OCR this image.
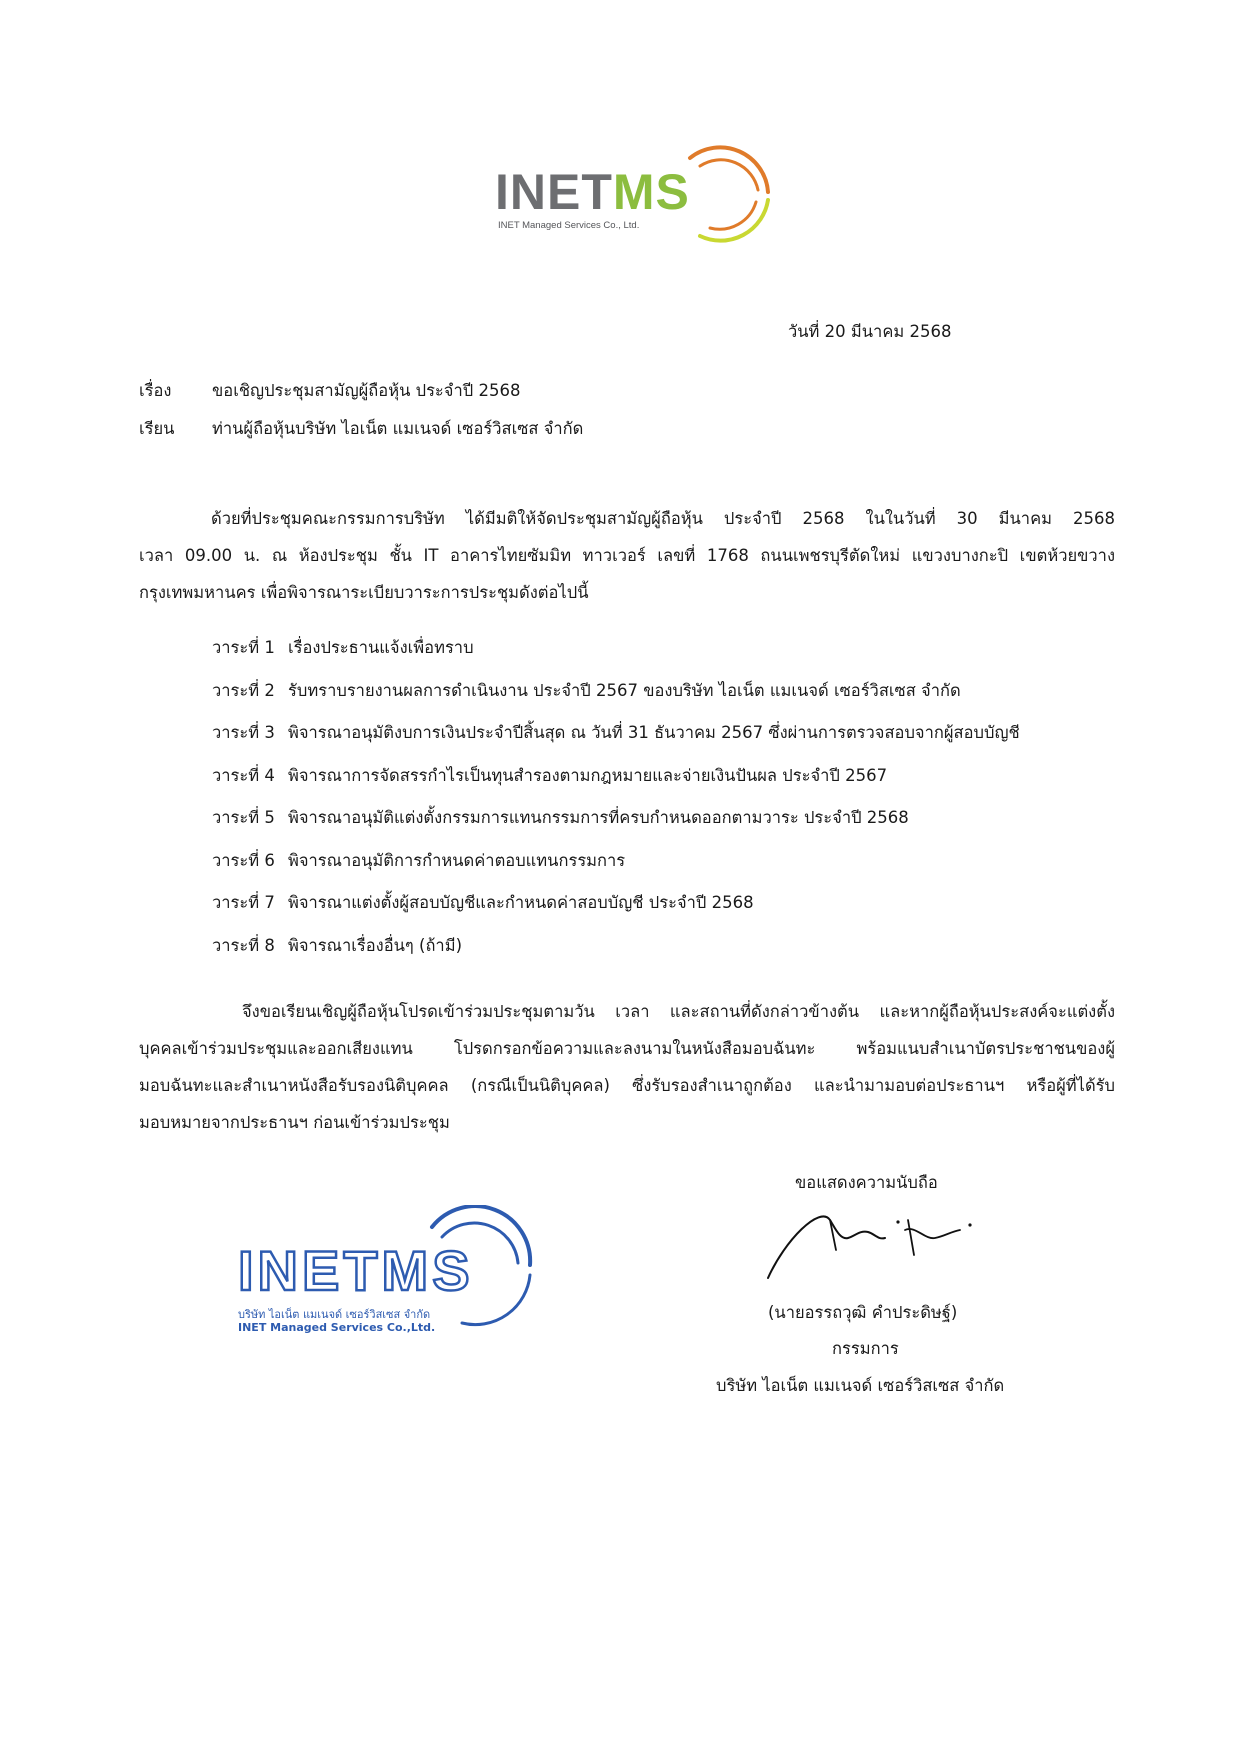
INETMS
INET Managed Services Co., Ltd.
วันที่ 20 มีนาคม 2568
เรื่อง ขอเชิญประชุมสามัญผู้ถือหุ้น ประจำปี 2568
เรียน ท่านผู้ถือหุ้นบริษัท ไอเน็ต แมเนจด์ เซอร์วิสเซส จำกัด
ด้วยที่ประชุมคณะกรรมการบริษัท ได้มีมติให้จัดประชุมสามัญผู้ถือหุ้น ประจำปี 2568 ในในวันที่ 30 มีนาคม 2568
เวลา 09.00 น. ณ ห้องประชุม ชั้น IT อาคารไทยซัมมิท ทาวเวอร์ เลขที่ 1768 ถนนเพชรบุรีตัดใหม่ แขวงบางกะปิ เขตห้วยขวาง
กรุงเทพมหานคร เพื่อพิจารณาระเบียบวาระการประชุมดังต่อไปนี้
วาระที่ 1 เรื่องประธานแจ้งเพื่อทราบ
วาระที่ 2 รับทราบรายงานผลการดำเนินงาน ประจำปี 2567 ของบริษัท ไอเน็ต แมเนจด์ เซอร์วิสเซส จำกัด
วาระที่ 3 พิจารณาอนุมัติงบการเงินประจำปีสิ้นสุด ณ วันที่ 31 ธันวาคม 2567 ซึ่งผ่านการตรวจสอบจากผู้สอบบัญชี
วาระที่ 4 พิจารณาการจัดสรรกำไรเป็นทุนสำรองตามกฎหมายและจ่ายเงินปันผล ประจำปี 2567
วาระที่ 5 พิจารณาอนุมัติแต่งตั้งกรรมการแทนกรรมการที่ครบกำหนดออกตามวาระ ประจำปี 2568
วาระที่ 6 พิจารณาอนุมัติการกำหนดค่าตอบแทนกรรมการ
วาระที่ 7 พิจารณาแต่งตั้งผู้สอบบัญชีและกำหนดค่าสอบบัญชี ประจำปี 2568
วาระที่ 8 พิจารณาเรื่องอื่นๆ (ถ้ามี)
จึงขอเรียนเชิญผู้ถือหุ้นโปรดเข้าร่วมประชุมตามวัน เวลา และสถานที่ดังกล่าวข้างต้น และหากผู้ถือหุ้นประสงค์จะแต่งตั้ง
บุคคลเข้าร่วมประชุมและออกเสียงแทน โปรดกรอกข้อความและลงนามในหนังสือมอบฉันทะ พร้อมแนบสำเนาบัตรประชาชนของผู้
มอบฉันทะและสำเนาหนังสือรับรองนิติบุคคล (กรณีเป็นนิติบุคคล) ซึ่งรับรองสำเนาถูกต้อง และนำมามอบต่อประธานฯ หรือผู้ที่ได้รับ
มอบหมายจากประธานฯ ก่อนเข้าร่วมประชุม
ขอแสดงความนับถือ
(นายอรรถวุฒิ คำประดิษฐ์)
กรรมการ
บริษัท ไอเน็ต แมเนจด์ เซอร์วิสเซส จำกัด
INETMS
บริษัท ไอเน็ต แมเนจด์ เซอร์วิสเซส จำกัด
INET Managed Services Co.,Ltd.
